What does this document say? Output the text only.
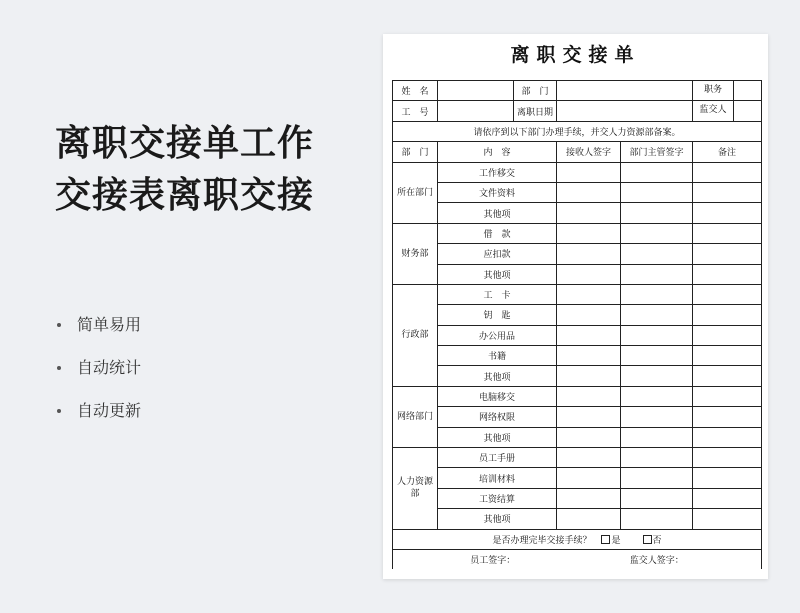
离职交接单工作
交接表离职交接
简单易用
自动统计
自动更新
离职交接单
姓　名		部　门			职务

工　号		离职日期			监交人

请依序到以下部门办理手续，并交人力资源部备案。					
部　门	内　容		接收人签字	部门主管签字	备注
所在部门	工作移交				
	文件资料				
	其他项				
财务部	借　款				
	应扣款				
	其他项				
行政部	工　卡				
	钥　匙				
	办公用品				
	书籍				
	其他项				
网络部门	电脑移交				
	网络权限				
	其他项				
人力资源部	员工手册				
	培训材料				
	工资结算				
	其他项				
是否办理完毕交接手续？ 是 否					

员工签字： 监交人签字：					
